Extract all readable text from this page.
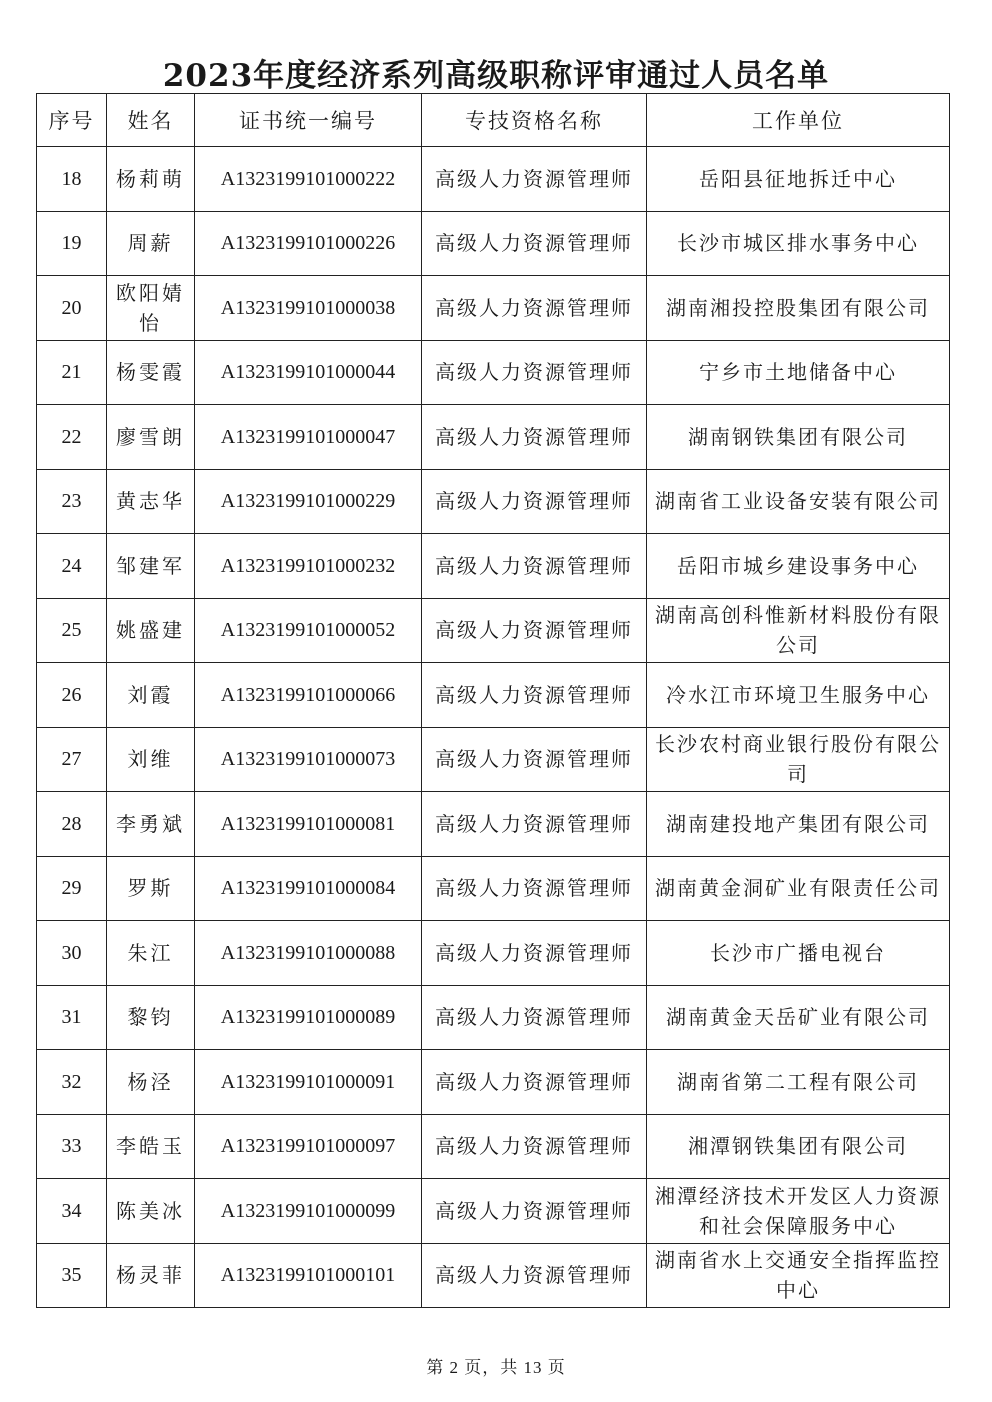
2023年度经济系列高级职称评审通过人员名单
序号	姓名	证书统一编号	专技资格名称	工作单位
18	杨莉萌	A1323199101000222	高级人力资源管理师	岳阳县征地拆迁中心
19	周薪	A1323199101000226	高级人力资源管理师	长沙市城区排水事务中心
20	欧阳婧怡	A1323199101000038	高级人力资源管理师	湖南湘投控股集团有限公司
21	杨雯霞	A1323199101000044	高级人力资源管理师	宁乡市土地储备中心
22	廖雪朗	A1323199101000047	高级人力资源管理师	湖南钢铁集团有限公司
23	黄志华	A1323199101000229	高级人力资源管理师	湖南省工业设备安装有限公司
24	邹建军	A1323199101000232	高级人力资源管理师	岳阳市城乡建设事务中心
25	姚盛建	A1323199101000052	高级人力资源管理师	湖南高创科惟新材料股份有限公司
26	刘霞	A1323199101000066	高级人力资源管理师	冷水江市环境卫生服务中心
27	刘维	A1323199101000073	高级人力资源管理师	长沙农村商业银行股份有限公司
28	李勇斌	A1323199101000081	高级人力资源管理师	湖南建投地产集团有限公司
29	罗斯	A1323199101000084	高级人力资源管理师	湖南黄金洞矿业有限责任公司
30	朱江	A1323199101000088	高级人力资源管理师	长沙市广播电视台
31	黎钧	A1323199101000089	高级人力资源管理师	湖南黄金天岳矿业有限公司
32	杨泾	A1323199101000091	高级人力资源管理师	湖南省第二工程有限公司
33	李皓玉	A1323199101000097	高级人力资源管理师	湘潭钢铁集团有限公司
34	陈美冰	A1323199101000099	高级人力资源管理师	湘潭经济技术开发区人力资源和社会保障服务中心
35	杨灵菲	A1323199101000101	高级人力资源管理师	湖南省水上交通安全指挥监控中心
第 2 页，共 13 页
